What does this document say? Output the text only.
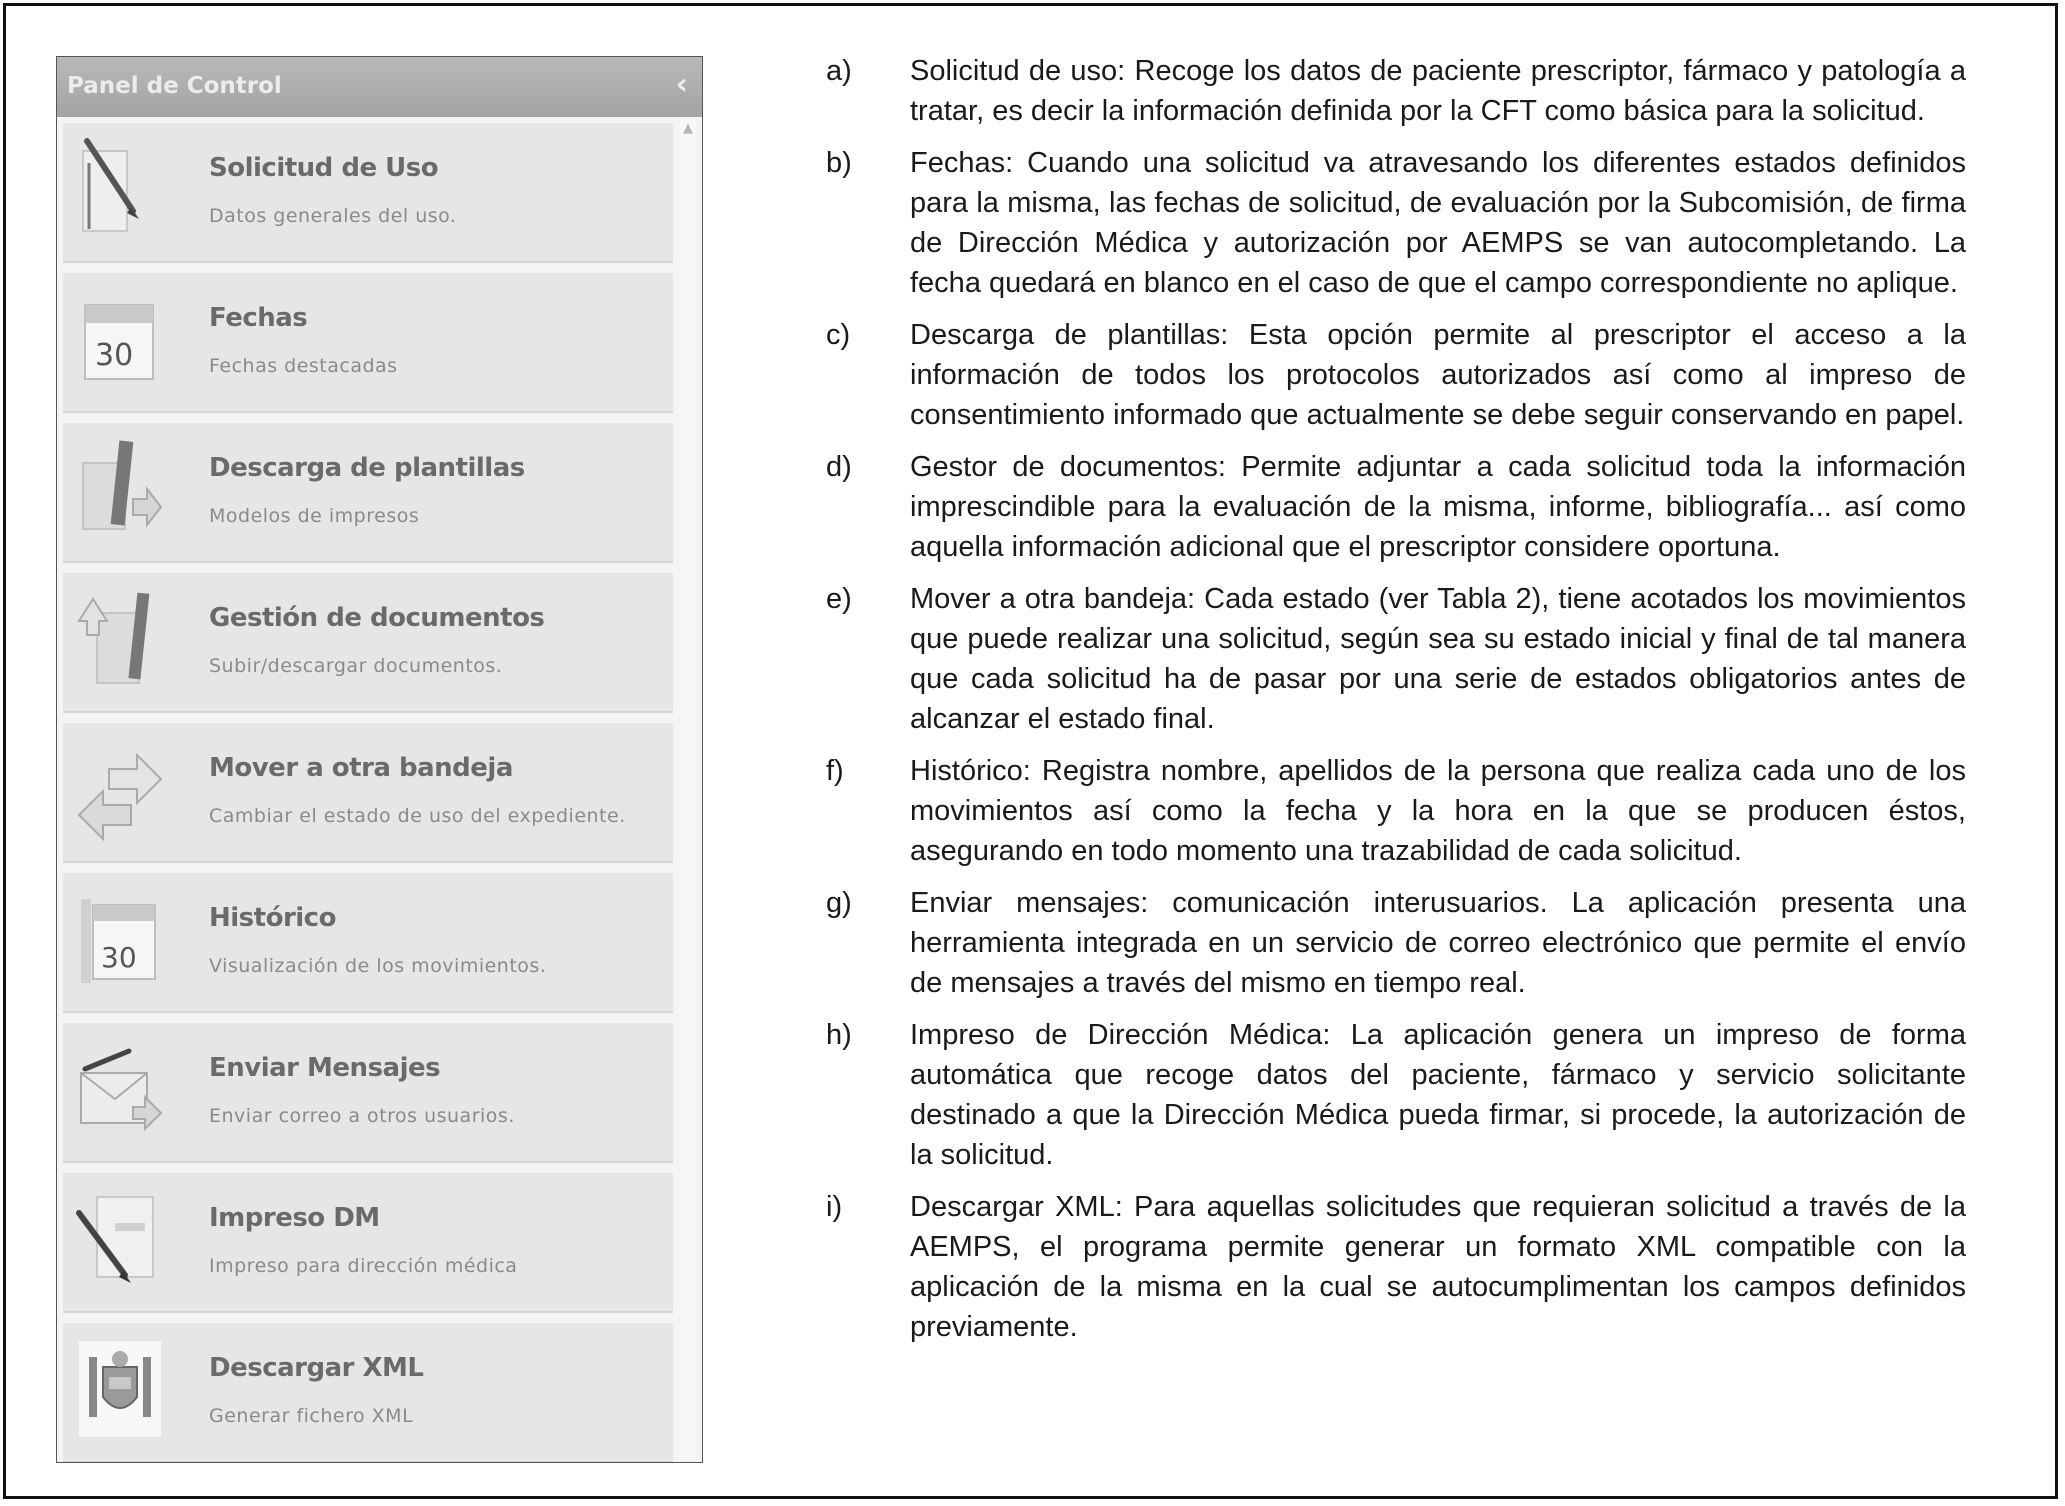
Panel de Control	‹
Solicitud de Uso
Datos generales del uso.
30
Fechas
Fechas destacadas
Descarga de plantillas
Modelos de impresos
Gestión de documentos
Subir/descargar documentos.
Mover a otra bandeja
Cambiar el estado de uso del expediente.
30
Histórico
Visualización de los movimientos.
Enviar Mensajes
Enviar correo a otros usuarios.
Impreso DM
Impreso para dirección médica
Descargar XML
Generar fichero XML
▲
a)	Solicitud de uso: Recoge los datos de paciente prescriptor, fármaco y patología a tratar, es decir la información definida por la CFT como básica para la solicitud.
b)	Fechas: Cuando una solicitud va atravesando los diferentes estados definidos para la misma, las fechas de solicitud, de evaluación por la Subcomisión, de firma de Dirección Médica y autorización por AEMPS se van autocompletando. La fecha quedará en blanco en el caso de que el campo correspondiente no aplique.
c)	Descarga de plantillas: Esta opción permite al prescriptor el acceso a la información de todos los protocolos autorizados así como al impreso de consentimiento informado que actualmente se debe seguir conservando en papel.
d)	Gestor de documentos: Permite adjuntar a cada solicitud toda la información imprescindible para la evaluación de la misma, informe, bibliografía... así como aquella información adicional que el prescriptor considere oportuna.
e)	Mover a otra bandeja: Cada estado (ver Tabla 2), tiene acotados los movimientos que puede realizar una solicitud, según sea su estado inicial y final de tal manera que cada solicitud ha de pasar por una serie de estados obligatorios antes de alcanzar el estado final.
f)	Histórico: Registra nombre, apellidos de la persona que realiza cada uno de los movimientos así como la fecha y la hora en la que se producen éstos, asegurando en todo momento una trazabilidad de cada solicitud.
g)	Enviar mensajes: comunicación interusuarios. La aplicación presenta una herramienta integrada en un servicio de correo electrónico que permite el envío de mensajes a través del mismo en tiempo real.
h)	Impreso de Dirección Médica: La aplicación genera un impreso de forma automática que recoge datos del paciente, fármaco y servicio solicitante destinado a que la Dirección Médica pueda firmar, si procede, la autorización de la solicitud.
i)	Descargar XML: Para aquellas solicitudes que requieran solicitud a través de la AEMPS, el programa permite generar un formato XML compatible con la aplicación de la misma en la cual se autocumplimentan los campos definidos previamente.
